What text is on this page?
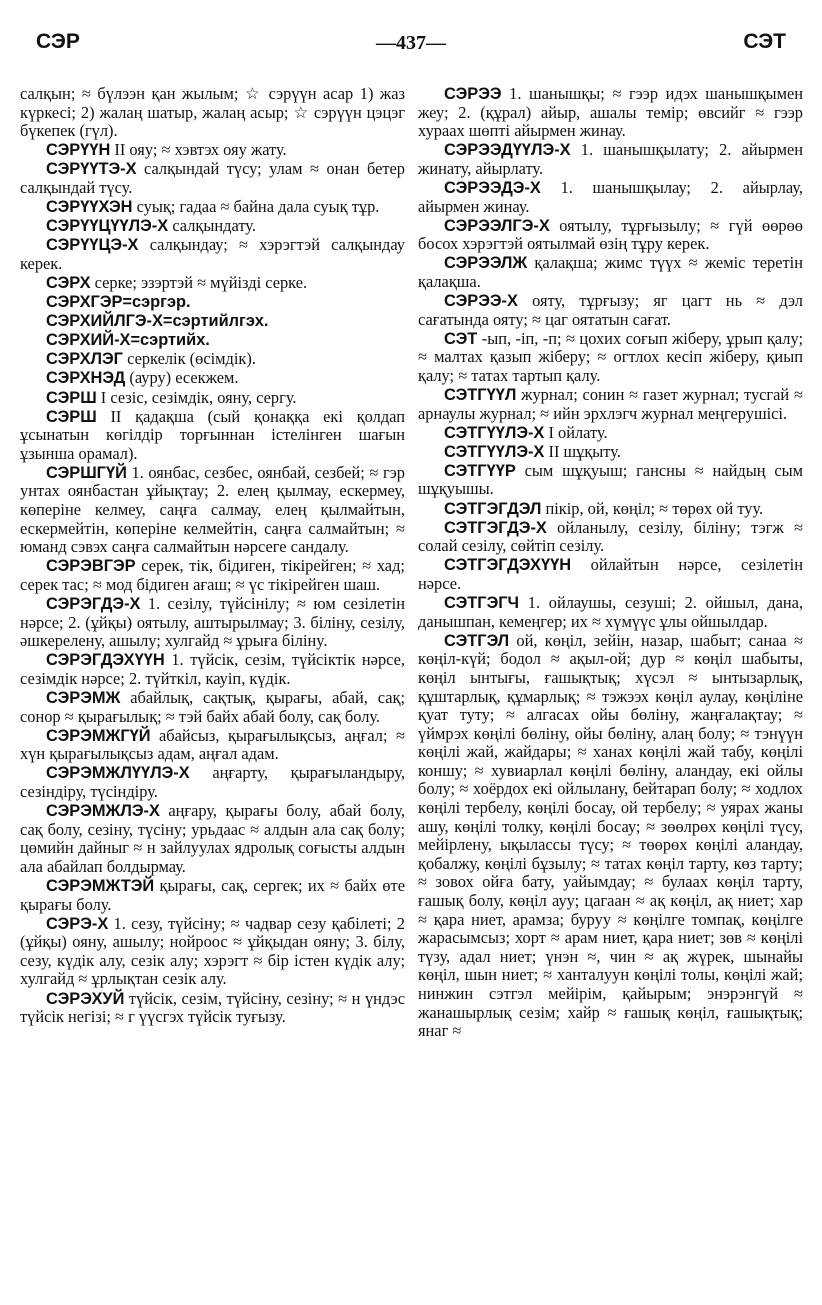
СЭР	—437—	СЭТ
салқын; ≈ бүлээн қан жылым; ☆ сэрүүн асар 1) жаз күркесі; 2) жалаң шатыр, жалаң асыр; ☆ сэрүүн цэцэг бүкепек (гүл).
СЭРҮҮН II ояу; ≈ хэвтэх ояу жату.
СЭРҮҮТЭ-Х салқындай түсу; улам ≈ онан бетер салқындай түсу.
СЭРҮҮХЭН суық; гадаа ≈ байна дала суық тұр.
СЭРҮҮЦҮҮЛЭ-Х салқындату.
СЭРҮҮЦЭ-Х салқындау; ≈ хэрэгтэй салқындау керек.
СЭРХ серке; эзэртэй ≈ мүйізді серке.
СЭРХГЭР=сэргэр.
СЭРХИЙЛГЭ-Х=сэртийлгэх.
СЭРХИЙ-Х=сэртийх.
СЭРХЛЭГ серкелік (өсімдік).
СЭРХНЭД (ауру) есекжем.
СЭРШ I сезіс, сезімдік, ояну, сергу.
СЭРШ II қадақша (сый қонаққа екі қолдап ұсынатын көгілдір торғыннан істелінген шағын ұзынша орамал).
СЭРШГҮЙ 1. оянбас, сезбес, оянбай, сезбей; ≈ гэр унтах оянбастан ұйықтау; 2. елең қылмау, ескермеу, көперіне келмеу, саңға салмау, елең қылмайтын, ескермейтін, көперіне келмейтін, саңға салмайтын; ≈ юманд сэвэх саңға салмайтын нәрсеге сандалу.
СЭРЭВГЭР серек, тік, бідиген, тікірейген; ≈ хад; серек тас; ≈ мод бідиген ағаш; ≈ үс тікірейген шаш.
СЭРЭГДЭ-Х 1. сезілу, түйсінілу; ≈ юм сезілетін нәрсе; 2. (ұйқы) оятылу, аштырылмау; 3. біліну, сезілу, әшкерелену, ашылу; хулгайд ≈ ұрыға білінy.
СЭРЭГДЭХҮҮН 1. түйсік, сезім, түйсіктік нәрсе, сезімдік нәрсе; 2. түйткіл, кауіп, күдік.
СЭРЭМЖ абайлық, сақтық, қырағы, абай, сақ; сонор ≈ қырағылық; ≈ тэй байх абай болу, сақ болу.
СЭРЭМЖГҮЙ абайсыз, қырағылықсыз, аңғал; ≈ хүн қырағылықсыз адам, аңғал адам.
СЭРЭМЖЛҮҮЛЭ-Х аңғарту, қырағыландыру, сезіндіру, түсіндіру.
СЭРЭМЖЛЭ-Х аңғару, қырағы болу, абай болу, сақ болу, сезіну, түсіну; урьдаас ≈ алдын ала сақ болу; цөмийн дайныг ≈ н зайлуулах ядролық соғысты алдын ала абайлап болдырмау.
СЭРЭМЖТЭЙ қырағы, сақ, сергек; их ≈ байх өте қырағы болу.
СЭРЭ-Х 1. сезу, түйсіну; ≈ чадвар сезу қабілеті; 2 (ұйқы) ояну, ашылу; нойроос ≈ ұйқыдан ояну; 3. білу, сезу, күдік алу, сезік алу; хэрэгт ≈ бір істен күдік алу; хулгайд ≈ ұрлықтан сезік алу.
СЭРЭХУЙ түйсік, сезім, түйсіну, сезіну; ≈ н үндэс түйсік негізі; ≈ г үүсгэх түйсік туғызу.
СЭРЭЭ 1. шанышқы; ≈ гээр идэх шанышқымен жеу; 2. (құрал) айыр, ашалы темір; өвсийг ≈ гээр хураах шөпті айырмен жинау.
СЭРЭЭДҮҮЛЭ-Х 1. шанышқылату; 2. айырмен жинату, айырлату.
СЭРЭЭДЭ-Х 1. шанышқылау; 2. айырлау, айырмен жинау.
СЭРЭЭЛГЭ-Х оятылу, тұрғызылу; ≈ гүй өөрөө босох хэрэгтэй оятылмай өзің тұру керек.
СЭРЭЭЛЖ қалақша; жимс түүх ≈ жеміс теретін қалақша.
СЭРЭЭ-Х ояту, тұрғызу; яг цагт нь ≈ дэл сағатында ояту; ≈ цаг оятатын сағат.
СЭТ -ып, -іп, -п; ≈ цохих соғып жіберу, ұрып қалу; ≈ малтах қазып жіберу; ≈ огтлох кесіп жіберу, қиып қалу; ≈ татах тартып қалу.
СЭТГҮҮЛ журнал; сонин ≈ газет журнал; тусгай ≈ арнаулы журнал; ≈ ийн эрхлэгч журнал меңгерушісі.
СЭТГҮҮЛЭ-Х I ойлату.
СЭТГҮҮЛЭ-Х II шұқыту.
СЭТГҮҮР сым шұқуыш; гансны ≈ найдың сым шұқуышы.
СЭТГЭГДЭЛ пікір, ой, көңіл; ≈ төрөх ой туу.
СЭТГЭГДЭ-Х ойланылу, сезілу, білінy; тэгж ≈ солай сезілу, сөйтіп сезілу.
СЭТГЭГДЭХҮҮН ойлайтын нәрсе, сезілетін нәрсе.
СЭТГЭГЧ 1. ойлаушы, сезуші; 2. ойшыл, дана, данышпан, кемеңгер; их ≈ хүмүүс ұлы ойшылдар.
СЭТГЭЛ ой, көңіл, зейін, назар, шабыт; санаа ≈ көңіл-күй; бодол ≈ ақыл-ой; дур ≈ көңіл шабыты, көңіл ынтығы, ғашықтық; хүсэл ≈ ынтызарлық, құштарлық, құмарлық; ≈ тэжээх көңіл аулау, көңіліне қуат туту; ≈ алгасах ойы бөліну, жаңғалақтау; ≈ үймрэх көңілі бөліну, ойы бөліну, алаң болу; ≈ тэнүүн көңілі жай, жайдары; ≈ ханах көңілі жай табу, көңілі коншу; ≈ хувиарлал көңілі бөліну, аландау, екі ойлы болу; ≈ хоёрдох екі ойлылану, бейтарап болу; ≈ ходлох көңілі тербелу, көңілі босау, ой тербелу; ≈ уярах жаны ашу, көңілі толку, көңілі босау; ≈ зөөлрөх көңілі түсу, мейірлену, ықылассы түсу; ≈ төөрөх көңілі аландау, қобалжу, көңілі бұзылу; ≈ татах көңіл тарту, көз тарту; ≈ зовох ойға бату, уайымдау; ≈ булаах көңіл тарту, ғашық болу, көңіл ауу; цагаан ≈ ақ көңіл, ақ ниет; хар ≈ қара ниет, арамза; буруу ≈ көңілге томпақ, көңілге жарасымсыз; хорт ≈ арам ниет, қара ниет; зөв ≈ көңілі түзу, адал ниет; үнэн ≈, чин ≈ ақ жүрек, шынайы көңіл, шын ниет; ≈ ханталуун көңілі толы, көңілі жай; нинжин сэтгэл мейірім, қайырым; энэрэнгүй ≈ жанашырлық сезім; хайр ≈ ғашық көңіл, ғашықтық; янаг ≈
